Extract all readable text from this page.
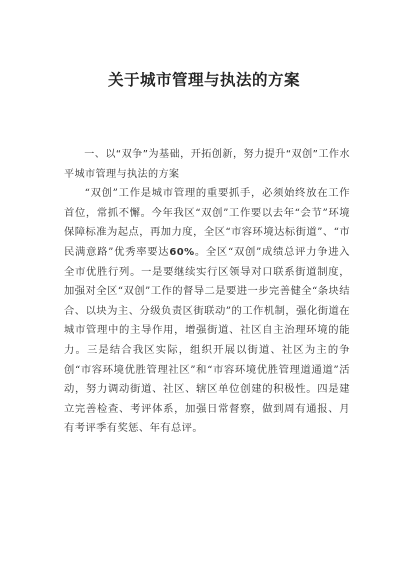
关于城市管理与执法的方案

一、以“双争”为基础，开拓创新，努力提升“双创”工作水平城市管理与执法的方案

“双创”工作是城市管理的重要抓手，必须始终放在工作首位，常抓不懈。今年我区“双创”工作要以去年“会节”环境保障标准为起点，再加力度，全区“市容环境达标街道”、“市民满意路”优秀率要达60%。全区“双创”成绩总评力争进入全市优胜行列。一是要继续实行区领导对口联系街道制度，加强对全区“双创”工作的督导二是要进一步完善健全“条块结合、以块为主、分级负责区街联动”的工作机制，强化街道在城市管理中的主导作用，增强街道、社区自主治理环境的能力。三是结合我区实际，组织开展以街道、社区为主的争创“市容环境优胜管理社区”和“市容环境优胜管理道通道”活动，努力调动街道、社区、辖区单位创建的积极性。四是建立完善检查、考评体系，加强日常督察，做到周有通报、月有考评季有奖惩、年有总评。
